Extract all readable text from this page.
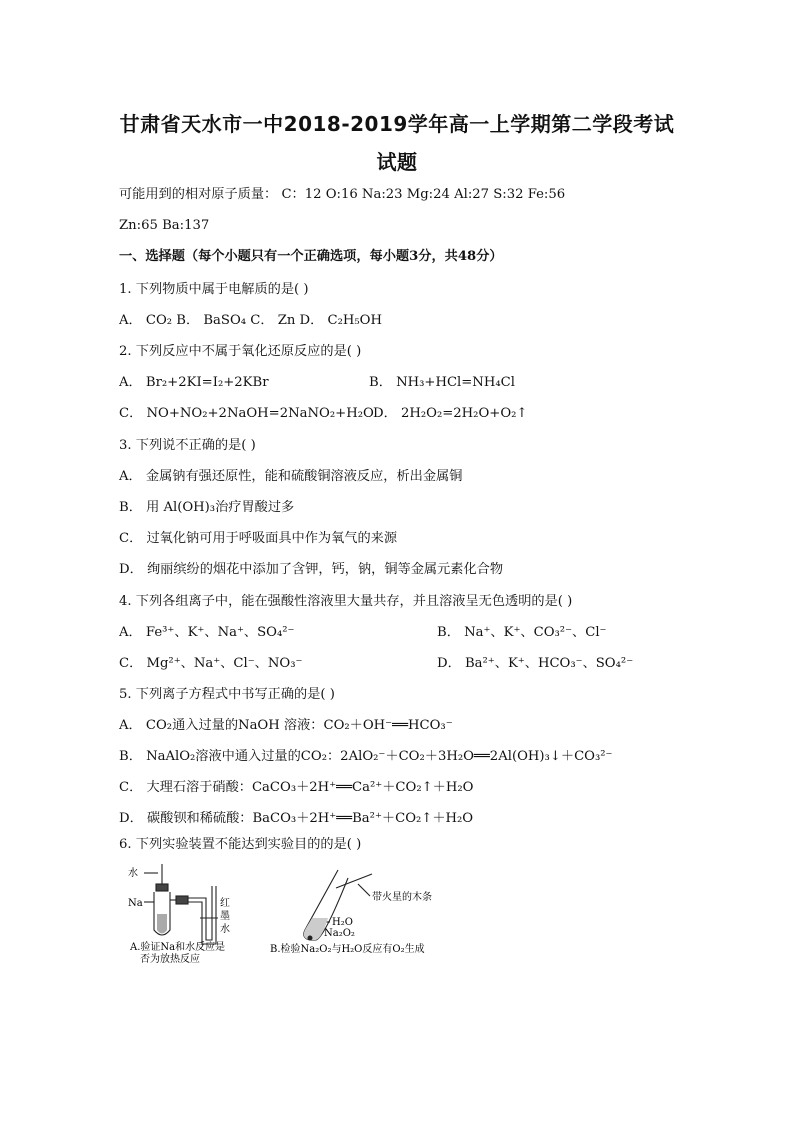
甘肃省天水市一中2018-2019学年高一上学期第二学段考试
试题
可能用到的相对原子质量： C：12 O:16 Na:23 Mg:24 Al:27 S:32 Fe:56
Zn:65 Ba:137
一、选择题（每个小题只有一个正确选项，每小题3分，共48分）
1. 下列物质中属于电解质的是( )
A． CO₂ B． BaSO₄ C． Zn D． C₂H₅OH
2. 下列反应中不属于氧化还原反应的是( )
A． Br₂+2KI=I₂+2KBr	B． NH₃+HCl=NH₄Cl
C． NO+NO₂+2NaOH=2NaNO₂+H₂O D． 2H₂O₂=2H₂O+O₂↑
3. 下列说不正确的是( )
A． 金属钠有强还原性，能和硫酸铜溶液反应，析出金属铜
B． 用 Al(OH)₃治疗胃酸过多
C． 过氧化钠可用于呼吸面具中作为氧气的来源
D． 绚丽缤纷的烟花中添加了含钾，钙，钠，铜等金属元素化合物
4. 下列各组离子中，能在强酸性溶液里大量共存，并且溶液呈无色透明的是( )
A． Fe³⁺、K⁺、Na⁺、SO₄²⁻	B． Na⁺、K⁺、CO₃²⁻、Cl⁻
C． Mg²⁺、Na⁺、Cl⁻、NO₃⁻	D． Ba²⁺、K⁺、HCO₃⁻、SO₄²⁻
5. 下列离子方程式中书写正确的是( )
A． CO₂通入过量的NaOH 溶液：CO₂＋OH⁻══HCO₃⁻
B． NaAlO₂溶液中通入过量的CO₂：2AlO₂⁻＋CO₂＋3H₂O══2Al(OH)₃↓＋CO₃²⁻
C． 大理石溶于硝酸：CaCO₃＋2H⁺══Ca²⁺＋CO₂↑＋H₂O
D． 碳酸钡和稀硫酸：BaCO₃＋2H⁺══Ba²⁺＋CO₂↑＋H₂O
6. 下列实验装置不能达到实验目的的是( )
水
Na	红
墨
水
A.验证Na和水反应是
否为放热反应
带火星的木条
H₂O
Na₂O₂
B.检验Na₂O₂与H₂O反应有O₂生成
